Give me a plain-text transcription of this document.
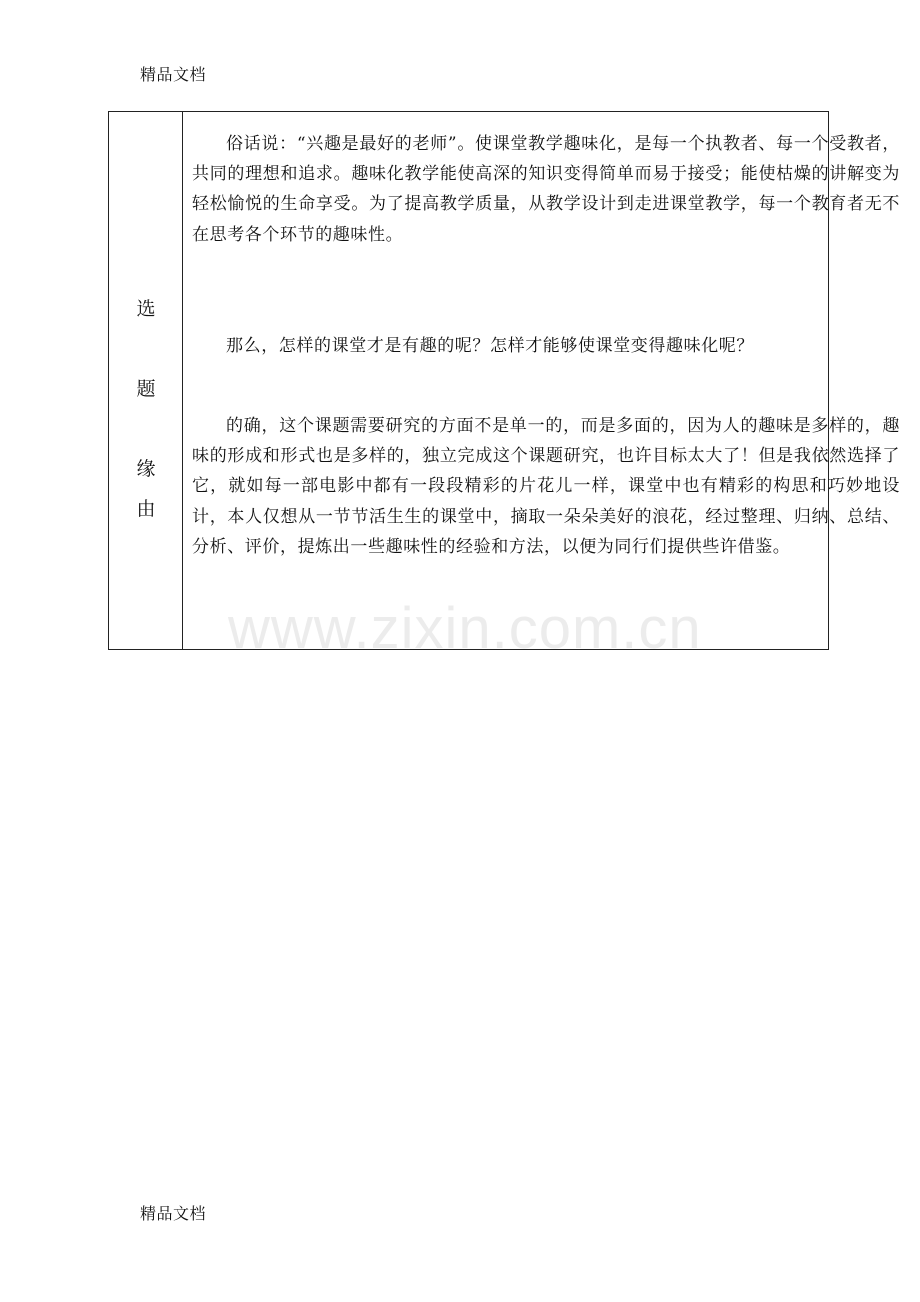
精品文档
选
题
缘
由

俗话说：“兴趣是最好的老师”。使课堂教学趣味化，是每一个执教者、每一个受教者，共同的理想和追求。趣味化教学能使高深的知识变得简单而易于接受；能使枯燥的讲解变为轻松愉悦的生命享受。为了提高教学质量，从教学设计到走进课堂教学，每一个教育者无不在思考各个环节的趣味性。

那么，怎样的课堂才是有趣的呢？怎样才能够使课堂变得趣味化呢？

的确，这个课题需要研究的方面不是单一的，而是多面的，因为人的趣味是多样的，趣味的形成和形式也是多样的，独立完成这个课题研究，也许目标太大了！但是我依然选择了它，就如每一部电影中都有一段段精彩的片花儿一样，课堂中也有精彩的构思和巧妙地设计，本人仅想从一节节活生生的课堂中，摘取一朵朵美好的浪花，经过整理、归纳、总结、分析、评价，提炼出一些趣味性的经验和方法，以便为同行们提供些许借鉴。

www.zixin.com.cn
精品文档
